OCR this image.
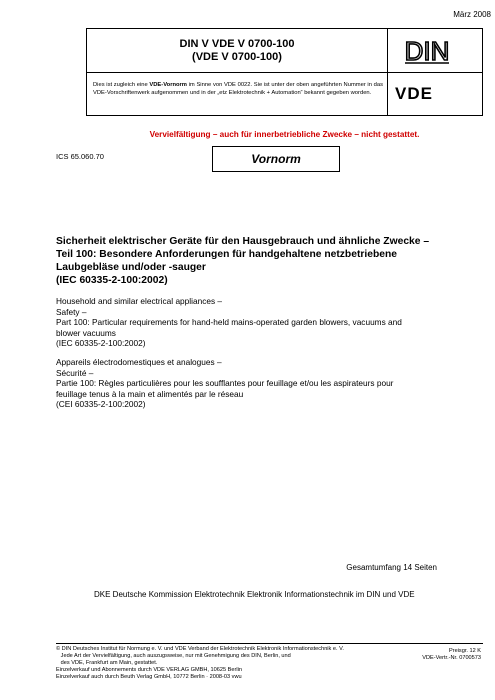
März 2008
DIN V VDE V 0700-100
(VDE V 0700-100)
Dies ist zugleich eine VDE-Vornorm im Sinne von VDE 0022. Sie ist unter der oben angeführten Nummer in das VDE-Vorschriftenwerk aufgenommen und in der „etz Elektrotechnik + Automation“ bekannt gegeben worden.
DIN
VDE
Vervielfältigung – auch für innerbetriebliche Zwecke – nicht gestattet.
ICS 65.060.70	Vornorm
Sicherheit elektrischer Geräte für den Hausgebrauch und ähnliche Zwecke –
Teil 100: Besondere Anforderungen für handgehaltene netzbetriebene
Laubgebläse und/oder -sauger
(IEC 60335-2-100:2002)
Household and similar electrical appliances –
Safety –
Part 100: Particular requirements for hand-held mains-operated garden blowers, vacuums and
blower vacuums
(IEC 60335-2-100:2002)
Appareils électrodomestiques et analogues –
Sécurité –
Partie 100: Règles particulières pour les soufflantes pour feuillage et/ou les aspirateurs pour
feuillage tenus à la main et alimentés par le réseau
(CEI 60335-2-100:2002)
Gesamtumfang 14 Seiten
DKE Deutsche Kommission Elektrotechnik Elektronik Informationstechnik im DIN und VDE
© DIN Deutsches Institut für Normung e. V. und VDE Verband der Elektrotechnik Elektronik Informationstechnik e. V.
Jede Art der Vervielfältigung, auch auszugsweise, nur mit Genehmigung des DIN, Berlin, und
des VDE, Frankfurt am Main, gestattet.
Einzelverkauf und Abonnements durch VDE VERLAG GMBH, 10625 Berlin
Einzelverkauf auch durch Beuth Verlag GmbH, 10772 Berlin · 2008-03 vwu
Preisgr. 12 K
VDE-Vertr.-Nr. 0700573
